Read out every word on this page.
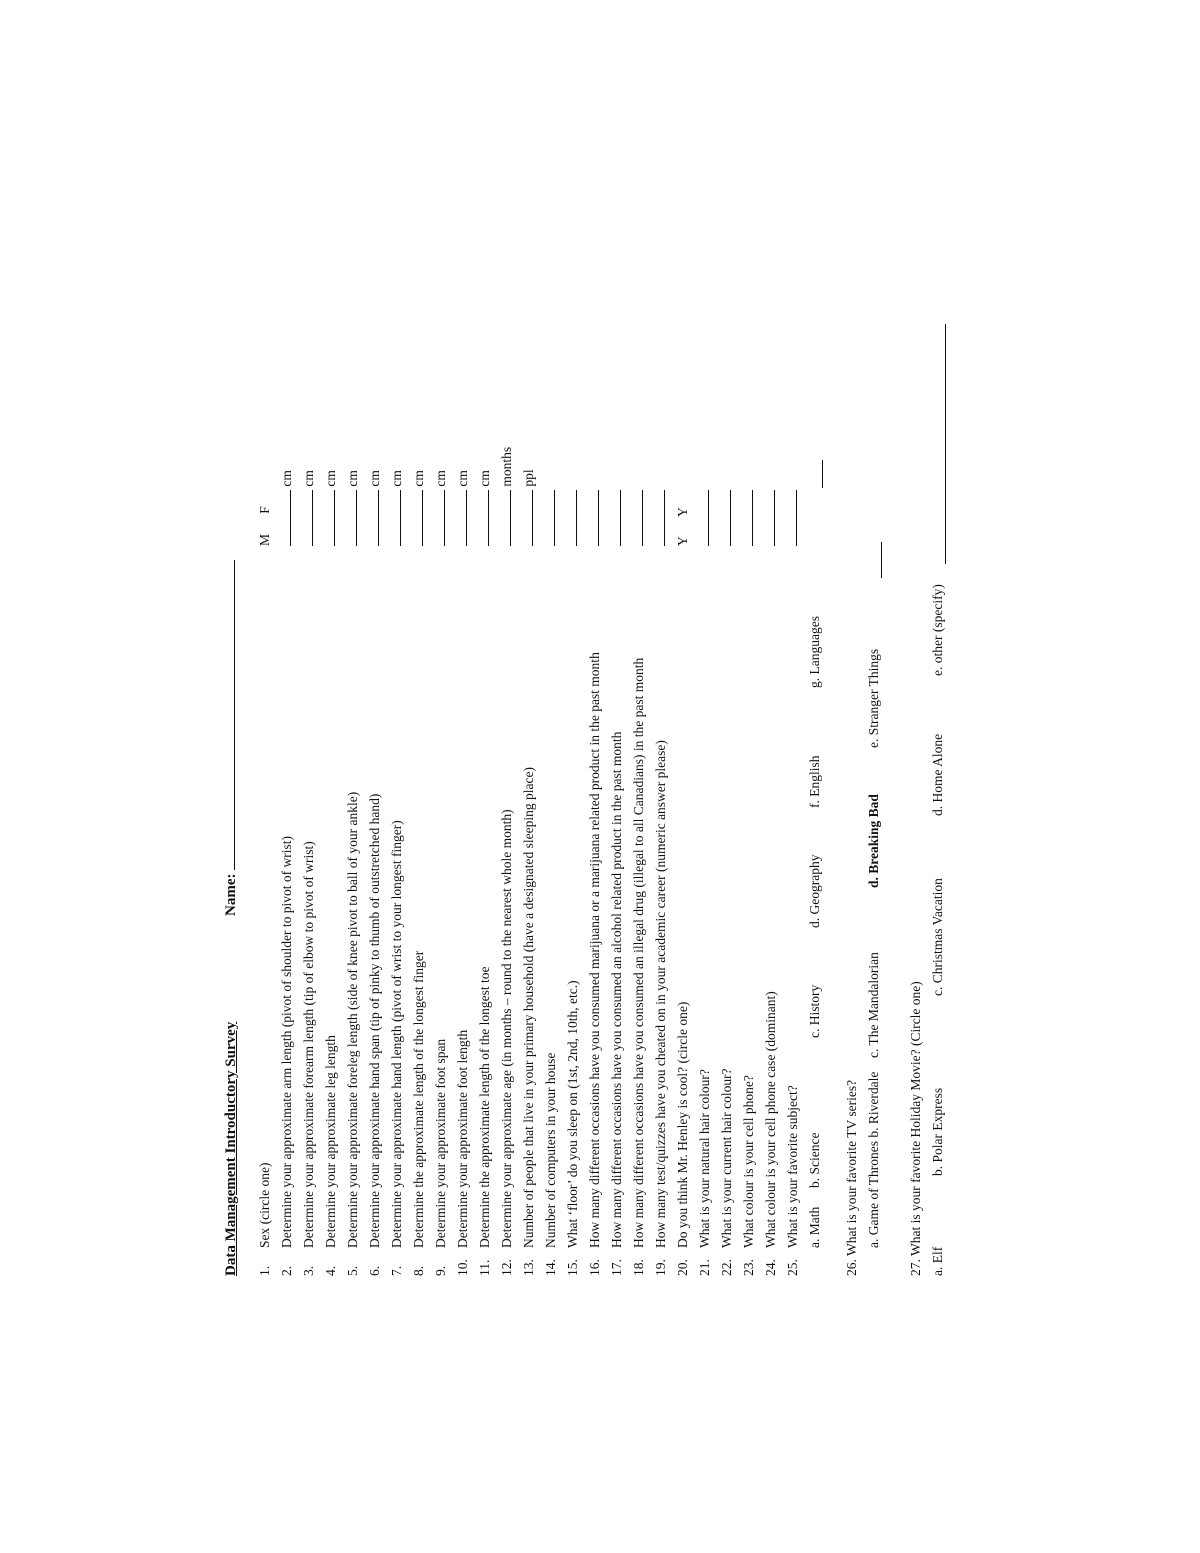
Data Management Introductory Survey
Name:
1.Sex (circle one)
2.Determine your approximate arm length (pivot of shoulder to pivot of wrist)
3.Determine your approximate forearm length (tip of elbow to pivot of wrist)
4.Determine your approximate leg length
5.Determine your approximate foreleg length (side of knee pivot to ball of your ankle)
6.Determine your approximate hand span (tip of pinky to thumb of outstretched hand)
7.Determine your approximate hand length (pivot of wrist to your longest finger)
8.Determine the approximate length of the longest finger
9.Determine your approximate foot span
10.Determine your approximate foot length
11.Determine the approximate length of the longest toe
12.Determine your approximate age (in months – round to the nearest whole month)
13.Number of people that live in your primary household (have a designated sleeping place)
14.Number of computers in your house
15.What ‘floor’ do you sleep on (1st, 2nd, 10th, etc.)
16.How many different occasions have you consumed marijuana or a marijuana related product in the past month
17.How many different occasions have you consumed an alcohol related product in the past month
18.How many different occasions have you consumed an illegal drug (illegal to all Canadians) in the past month
19.How many test/quizzes have you cheated on in your academic career (numeric answer please)
20.Do you think Mr. Henley is cool? (circle one)
21.What is your natural hair colour?
22.What is your current hair colour?
23.What colour is your cell phone?
24.What colour is your cell phone case (dominant)
25.What is your favorite subject? a. Math
b. Science
c. History
d. Geography
f. English
g. Languages
26. What is your favorite TV series? a. Game of Thrones b. Riverdale
c. The Mandalorian
d. Breaking Bad
e. Stranger Things
27. What is your favorite Holiday Movie? (Circle one) a. Elf
b. Polar Express
c. Christmas Vacation
d. Home Alone
e. other (specify)
M      F
cm cm cm cm cm cm cm cm cm cm months ppl
Y      Y
